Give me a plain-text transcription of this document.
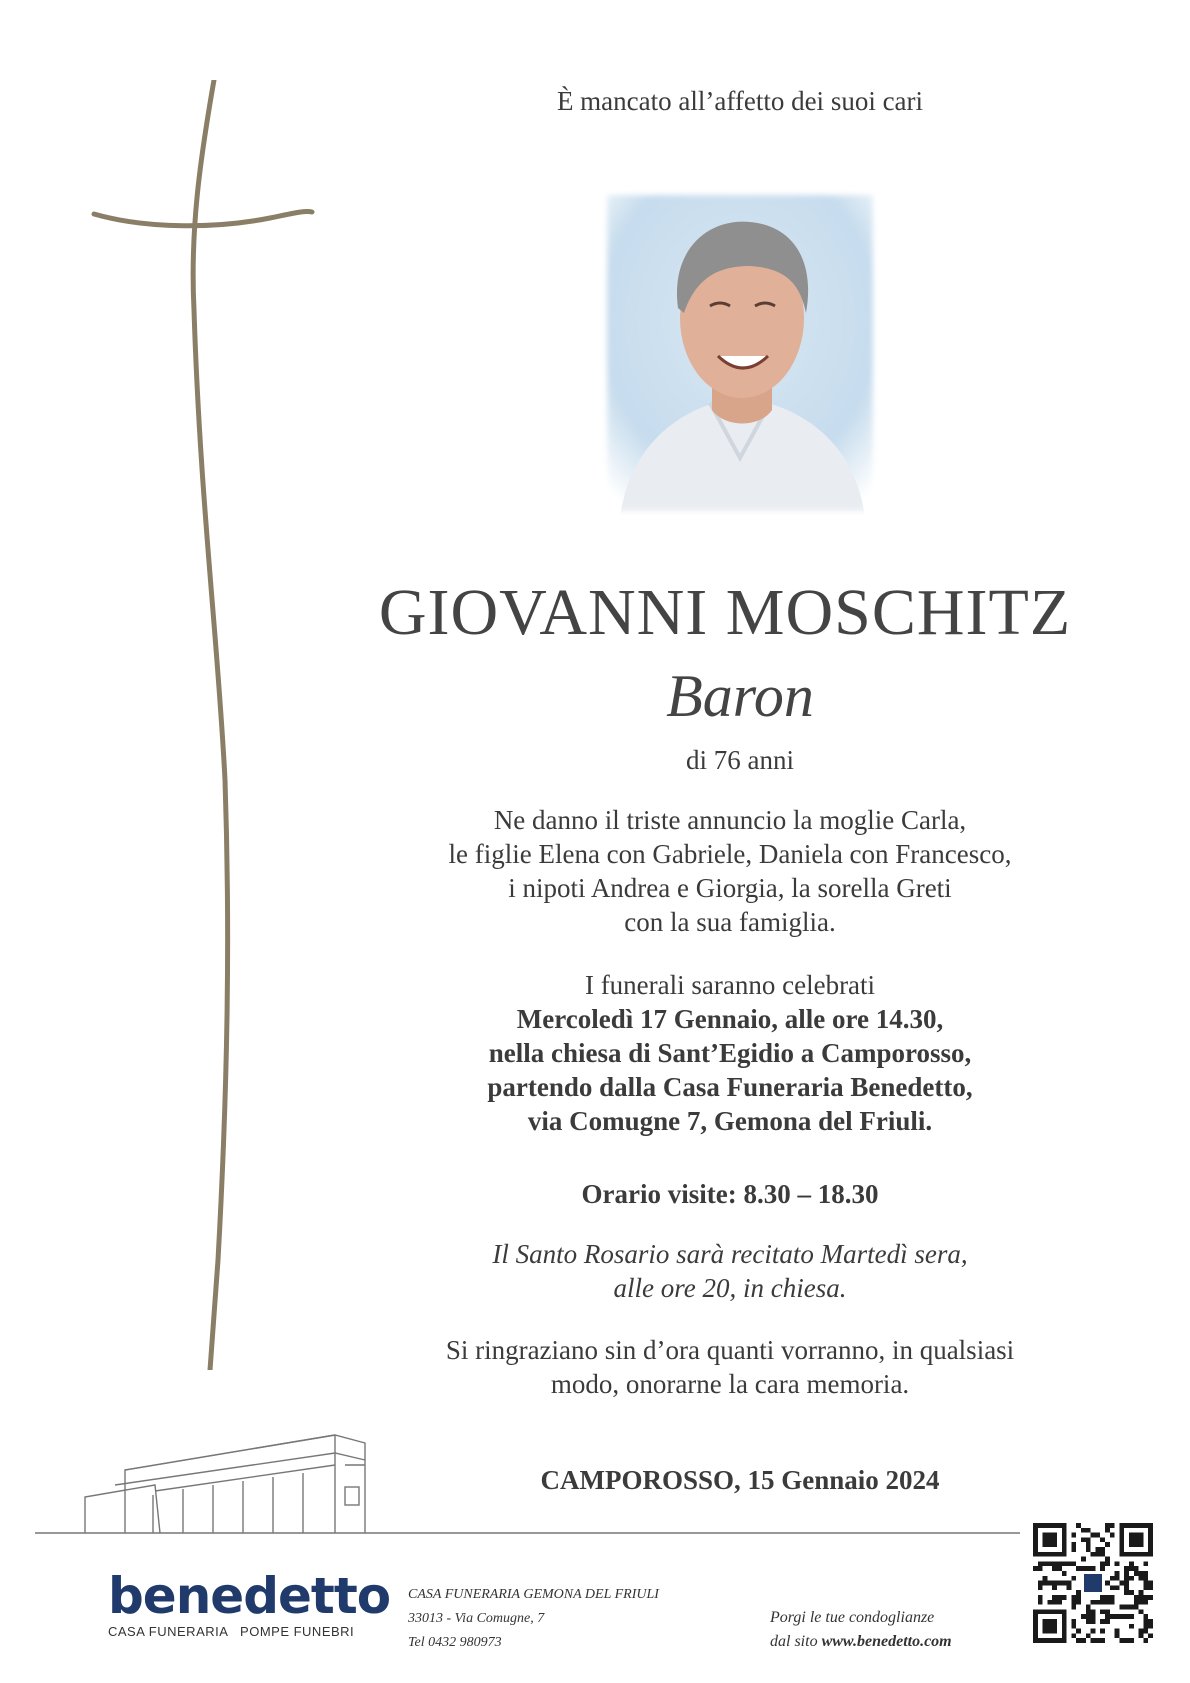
È mancato all’affetto dei suoi cari
GIOVANNI MOSCHITZ
Baron
di 76 anni
Ne danno il triste annuncio la moglie Carla,
le figlie Elena con Gabriele, Daniela con Francesco,
i nipoti Andrea e Giorgia, la sorella Greti
con la sua famiglia.
I funerali saranno celebrati
Mercoledì 17 Gennaio, alle ore 14.30,
nella chiesa di Sant’Egidio a Camporosso,
partendo dalla Casa Funeraria Benedetto,
via Comugne 7, Gemona del Friuli.
Orario visite: 8.30 – 18.30
Il Santo Rosario sarà recitato Martedì sera,
alle ore 20, in chiesa.
Si ringraziano sin d’ora quanti vorranno, in qualsiasi
modo, onorarne la cara memoria.
CAMPOROSSO, 15 Gennaio 2024
benedetto
CASA FUNERARIA   POMPE FUNEBRI
CASA FUNERARIA GEMONA DEL FRIULI
33013 - Via Comugne, 7
Tel 0432 980973
Porgi le tue condoglianze
dal sito www.benedetto.com
